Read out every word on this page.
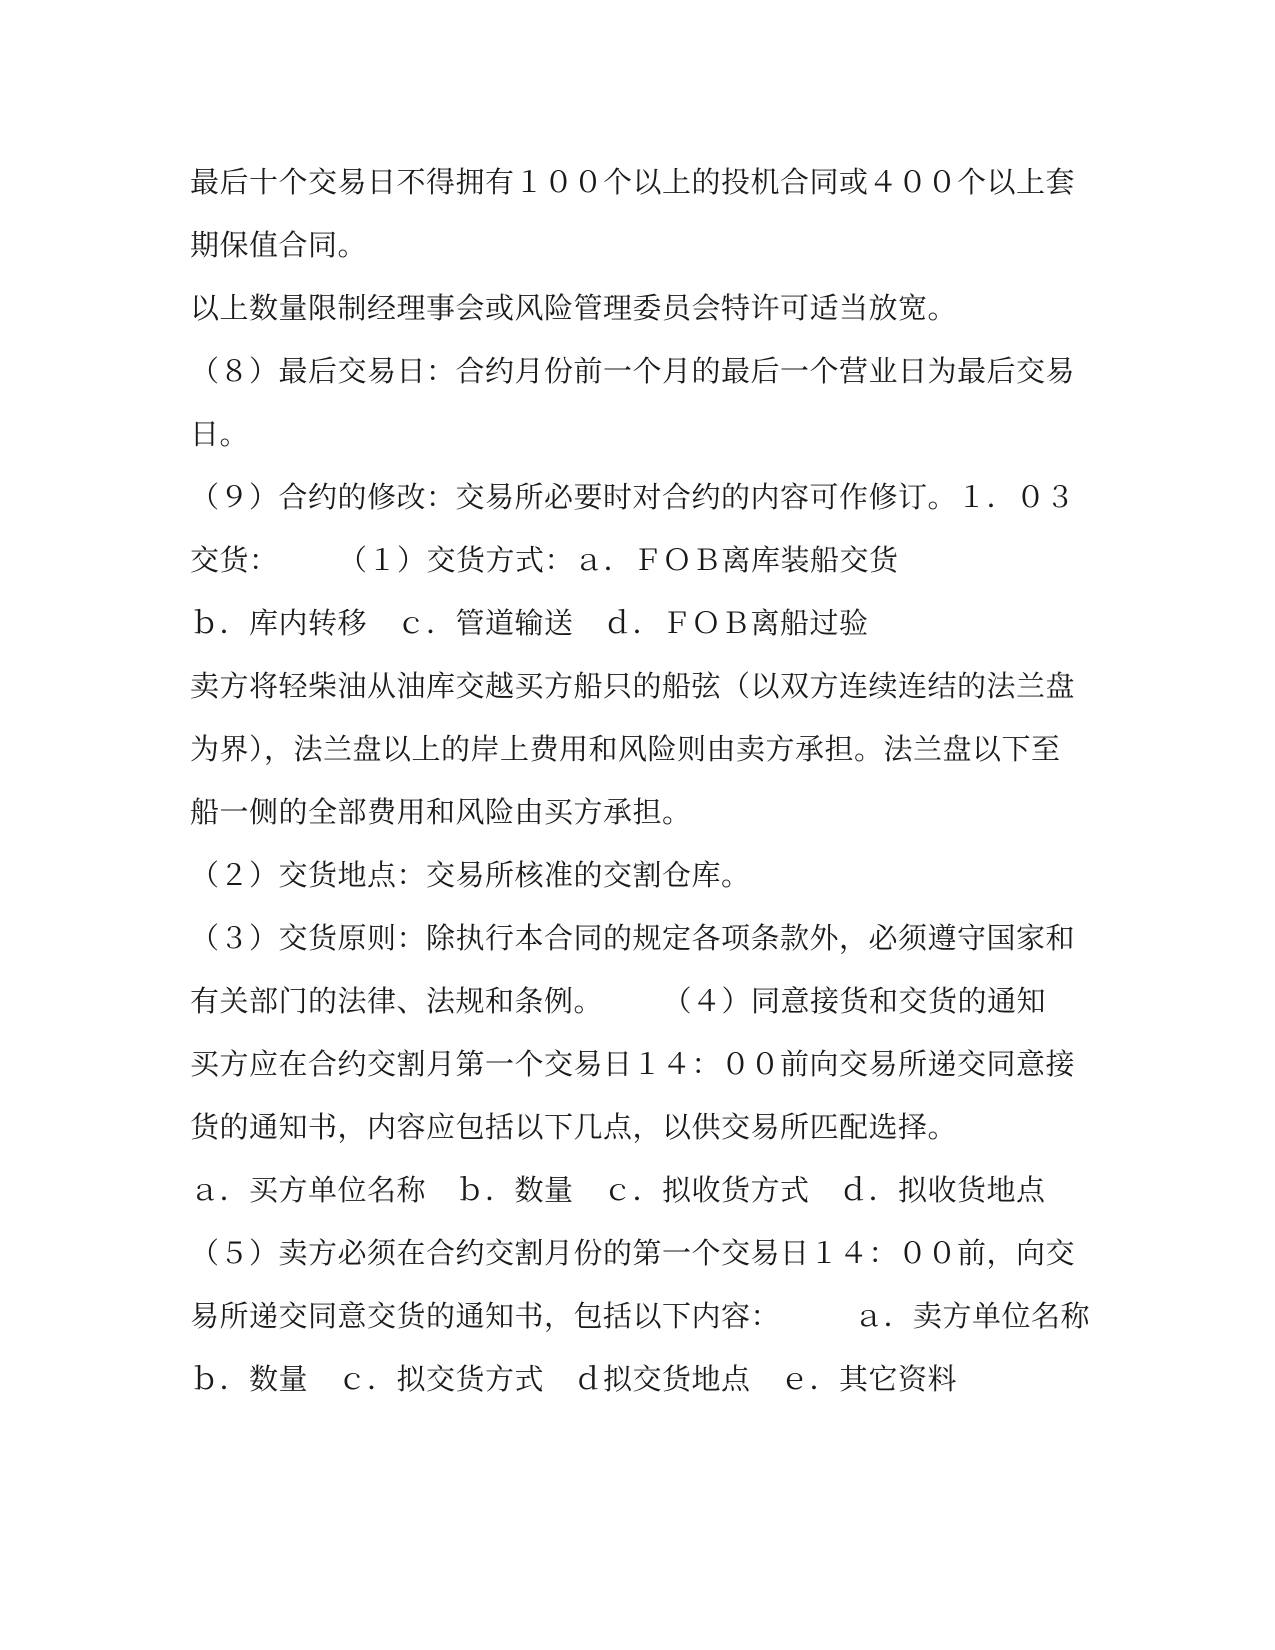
最后十个交易日不得拥有１００个以上的投机合同或４００个以上套
期保值合同。
以上数量限制经理事会或风险管理委员会特许可适当放宽。
（８）最后交易日：合约月份前一个月的最后一个营业日为最后交易
日。
（９）合约的修改：交易所必要时对合约的内容可作修订。１．０３
交货：　　　（１）交货方式：ａ．ＦＯＢ离库装船交货
ｂ．库内转移　ｃ．管道输送　ｄ．ＦＯＢ离船过验
卖方将轻柴油从油库交越买方船只的船弦（以双方连续连结的法兰盘
为界），法兰盘以上的岸上费用和风险则由卖方承担。法兰盘以下至
船一侧的全部费用和风险由买方承担。
（２）交货地点：交易所核准的交割仓库。
（３）交货原则：除执行本合同的规定各项条款外，必须遵守国家和
有关部门的法律、法规和条例。　　　（４）同意接货和交货的通知
买方应在合约交割月第一个交易日１４：００前向交易所递交同意接
货的通知书，内容应包括以下几点，以供交易所匹配选择。
ａ．买方单位名称　ｂ．数量　ｃ．拟收货方式　ｄ．拟收货地点
（５）卖方必须在合约交割月份的第一个交易日１４：００前，向交
易所递交同意交货的通知书，包括以下内容：　　　ａ．卖方单位名称
ｂ．数量　ｃ．拟交货方式　ｄ拟交货地点　ｅ．其它资料
